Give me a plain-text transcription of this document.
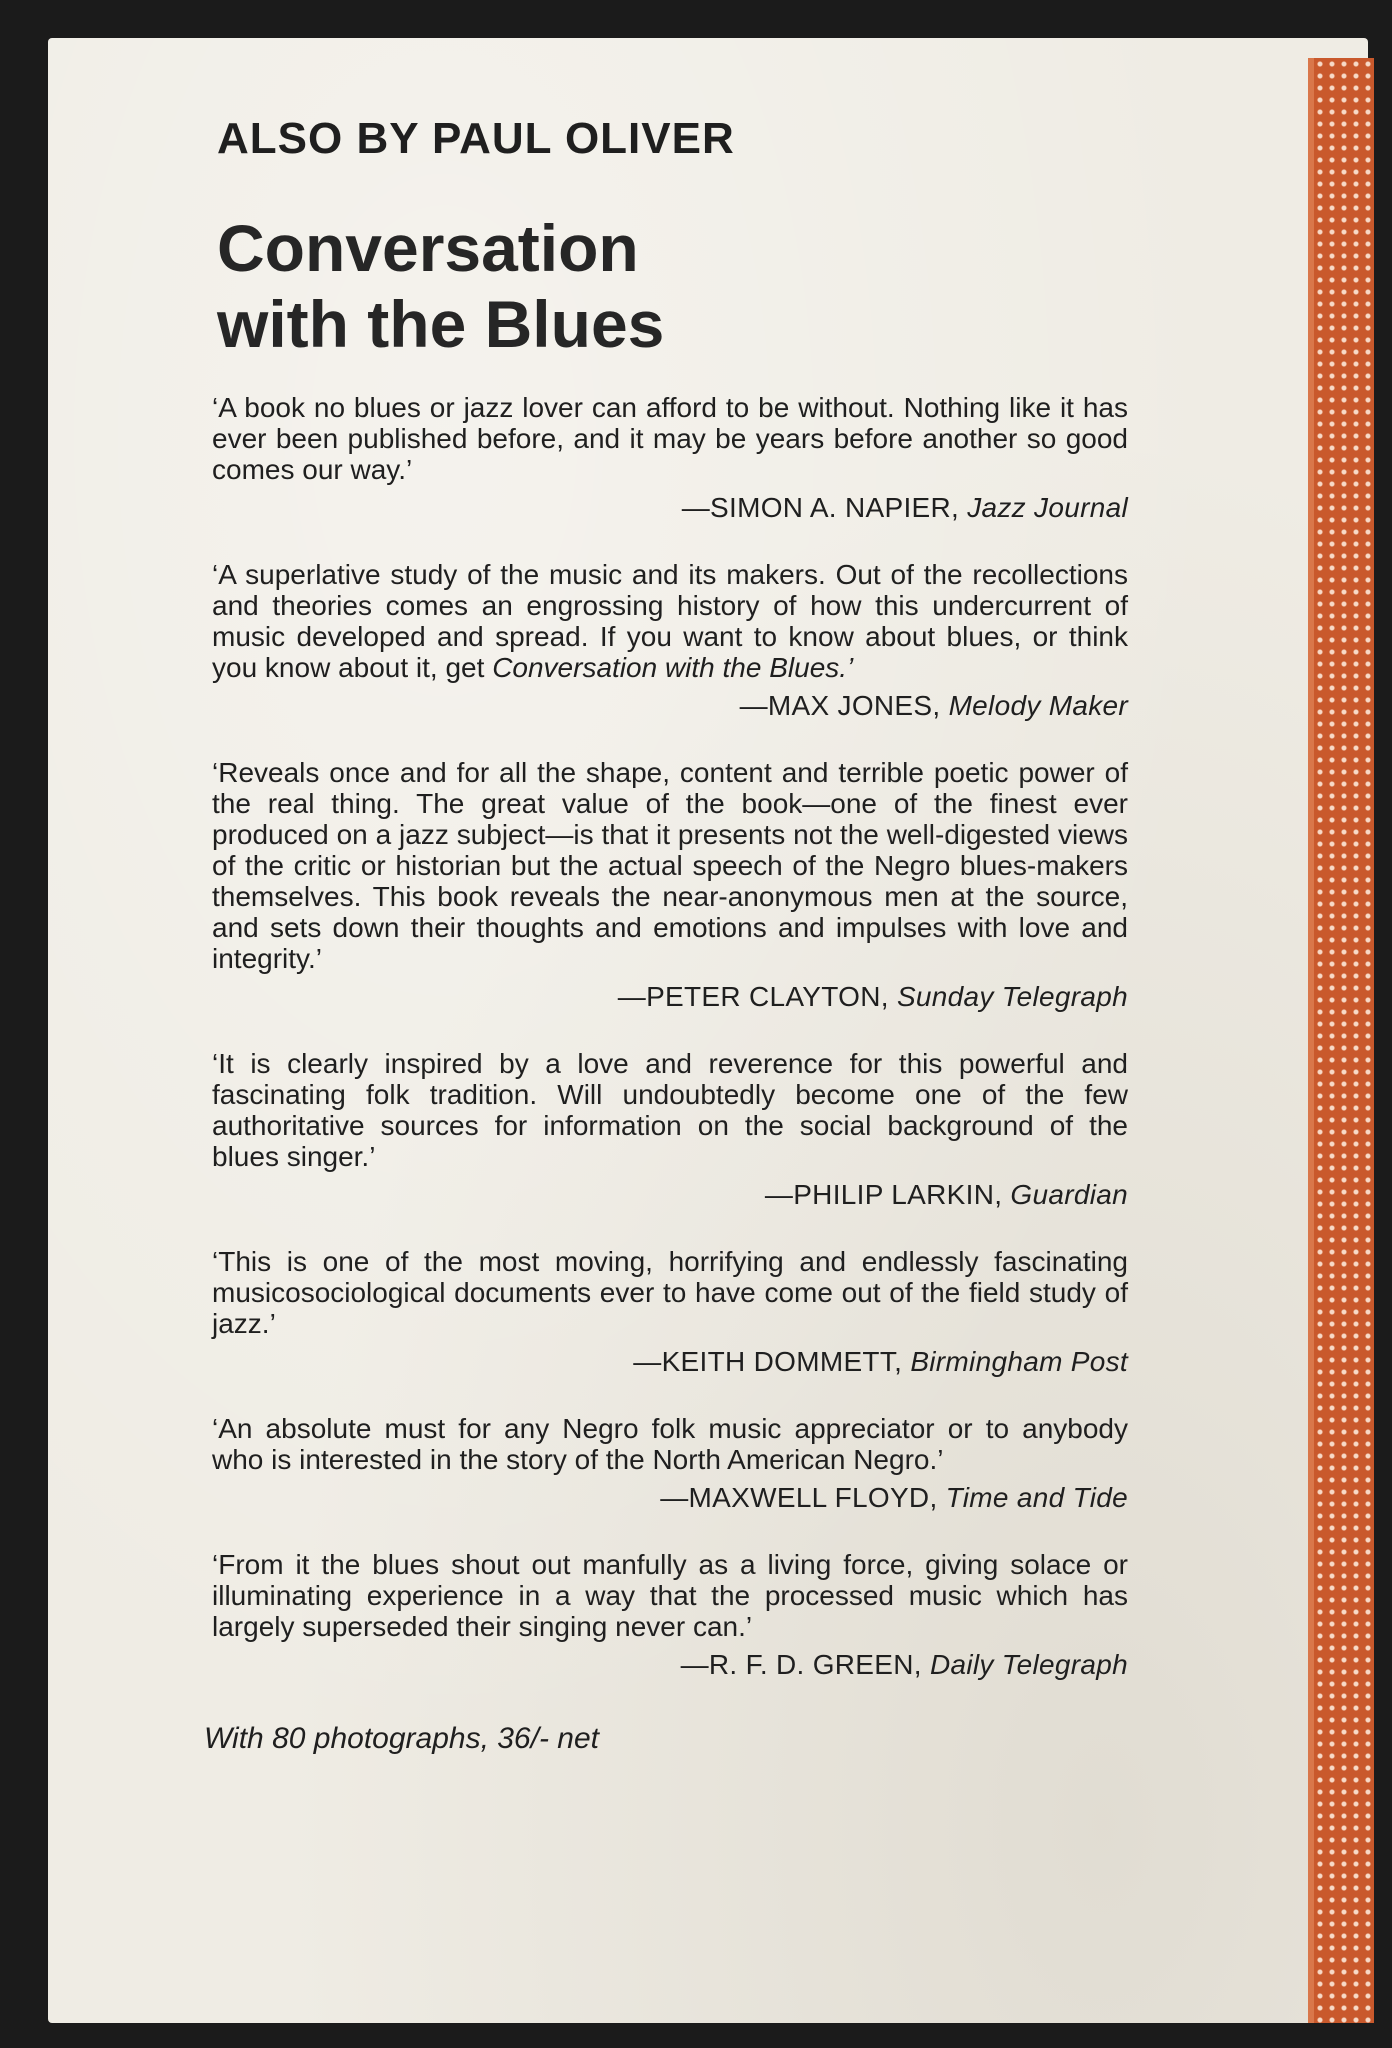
ALSO BY PAUL OLIVER
Conversation
with the Blues

‘A book no blues or jazz lover can afford to be without. Nothing like it has ever been published before, and it may be years before another so good comes our way.’

—SIMON A. NAPIER, Jazz Journal

‘A superlative study of the music and its makers. Out of the recollections and theories comes an engrossing history of how this undercurrent of music developed and spread. If you want to know about blues, or think you know about it, get Conversation with the Blues.’

—MAX JONES, Melody Maker

‘Reveals once and for all the shape, content and terrible poetic power of the real thing. The great value of the book—one of the finest ever produced on a jazz subject—is that it presents not the well-digested views of the critic or historian but the actual speech of the Negro blues-makers themselves. This book reveals the near-anonymous men at the source, and sets down their thoughts and emotions and impulses with love and integrity.’

—PETER CLAYTON, Sunday Telegraph

‘It is clearly inspired by a love and reverence for this powerful and fascinating folk tradition. Will undoubtedly become one of the few authoritative sources for information on the social background of the blues singer.’

—PHILIP LARKIN, Guardian

‘This is one of the most moving, horrifying and endlessly fascinating musicosociological documents ever to have come out of the field study of jazz.’

—KEITH DOMMETT, Birmingham Post

‘An absolute must for any Negro folk music appreciator or to anybody who is interested in the story of the North American Negro.’

—MAXWELL FLOYD, Time and Tide

‘From it the blues shout out manfully as a living force, giving solace or illuminating experience in a way that the processed music which has largely superseded their singing never can.’

—R. F. D. GREEN, Daily Telegraph
With 80 photographs, 36/- net
